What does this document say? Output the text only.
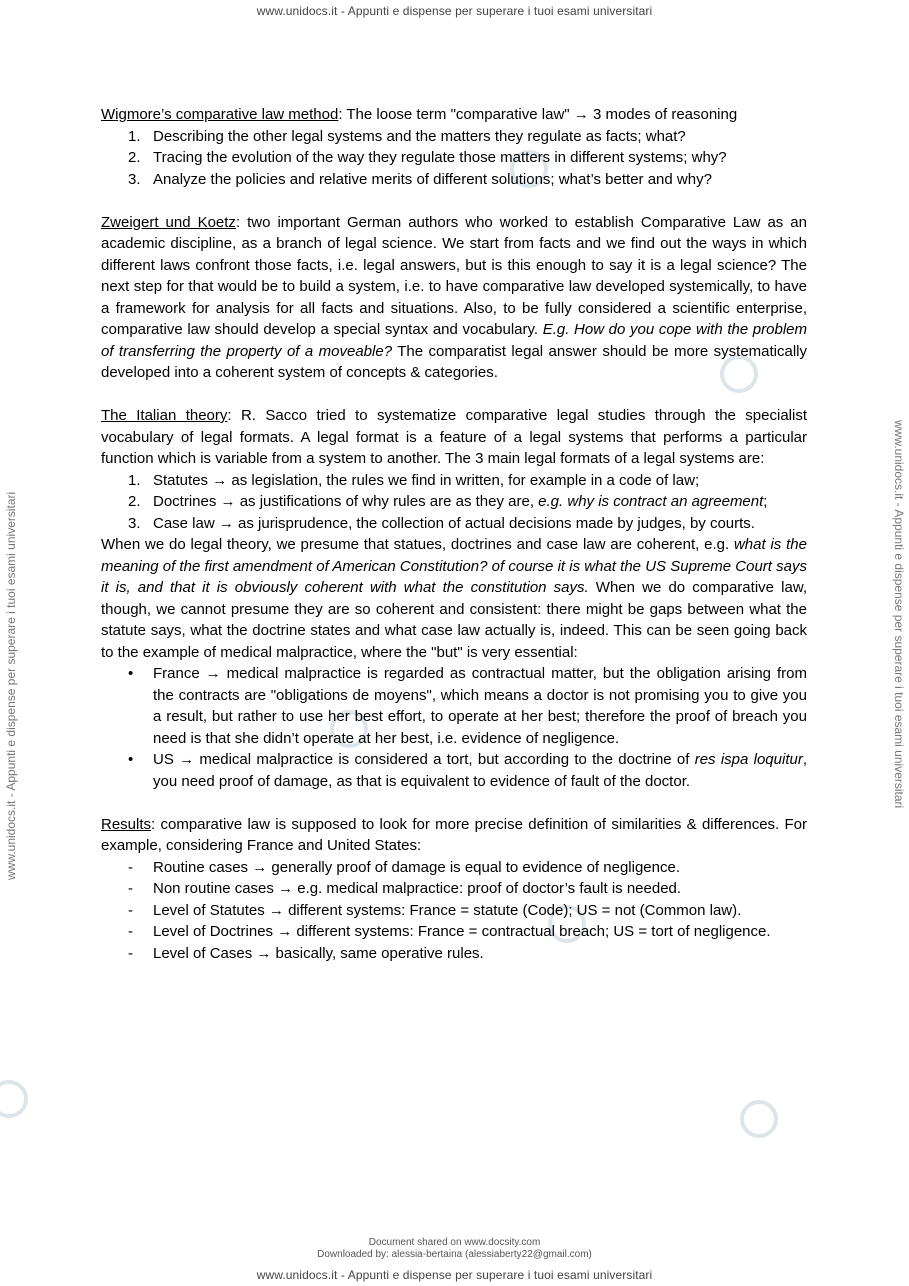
www.unidocs.it - Appunti e dispense per superare i tuoi esami universitari
www.unidocs.it - Appunti e dispense per superare i tuoi esami universitari
www.unidocs.it - Appunti e dispense per superare i tuoi esami universitari	www.unidocs.it - Appunti e dispense per superare i tuoi esami universitari

Wigmore’s comparative law method: The loose term "comparative law" → 3 modes of reasoning

1. Describing the other legal systems and the matters they regulate as facts; what?
2. Tracing the evolution of the way they regulate those matters in different systems; why?
3. Analyze the policies and relative merits of different solutions; what’s better and why?

Zweigert und Koetz: two important German authors who worked to establish Comparative Law as an academic discipline, as a branch of legal science. We start from facts and we find out the ways in which different laws confront those facts, i.e. legal answers, but is this enough to say it is a legal science? The next step for that would be to build a system, i.e. to have comparative law developed systemically, to have a framework for analysis for all facts and situations. Also, to be fully considered a scientific enterprise, comparative law should develop a special syntax and vocabulary. E.g. How do you cope with the problem of transferring the property of a moveable? The comparatist legal answer should be more systematically developed into a coherent system of concepts & categories.

The Italian theory: R. Sacco tried to systematize comparative legal studies through the specialist vocabulary of legal formats. A legal format is a feature of a legal systems that performs a particular function which is variable from a system to another. The 3 main legal formats of a legal systems are:

1. Statutes → as legislation, the rules we find in written, for example in a code of law;
2. Doctrines → as justifications of why rules are as they are, e.g. why is contract an agreement;
3. Case law → as jurisprudence, the collection of actual decisions made by judges, by courts.

When we do legal theory, we presume that statues, doctrines and case law are coherent, e.g. what is the meaning of the first amendment of American Constitution? of course it is what the US Supreme Court says it is, and that it is obviously coherent with what the constitution says. When we do comparative law, though, we cannot presume they are so coherent and consistent: there might be gaps between what the statute says, what the doctrine states and what case law actually is, indeed. This can be seen going back to the example of medical malpractice, where the "but" is very essential:

• France → medical malpractice is regarded as contractual matter, but the obligation arising from the contracts are "obligations de moyens", which means a doctor is not promising you to give you a result, but rather to use her best effort, to operate at her best; therefore the proof of breach you need is that she didn’t operate at her best, i.e. evidence of negligence.
• US → medical malpractice is considered a tort, but according to the doctrine of res ispa loquitur, you need proof of damage, as that is equivalent to evidence of fault of the doctor.

Results: comparative law is supposed to look for more precise definition of similarities & differences. For example, considering France and United States:

- Routine cases → generally proof of damage is equal to evidence of negligence.
- Non routine cases → e.g. medical malpractice: proof of doctor’s fault is needed.
- Level of Statutes → different systems: France = statute (Code); US = not (Common law).
- Level of Doctrines → different systems: France = contractual breach; US = tort of negligence.
- Level of Cases → basically, same operative rules.
Document shared on www.docsity.com
Downloaded by: alessia-bertaina (alessiaberty22@gmail.com)
